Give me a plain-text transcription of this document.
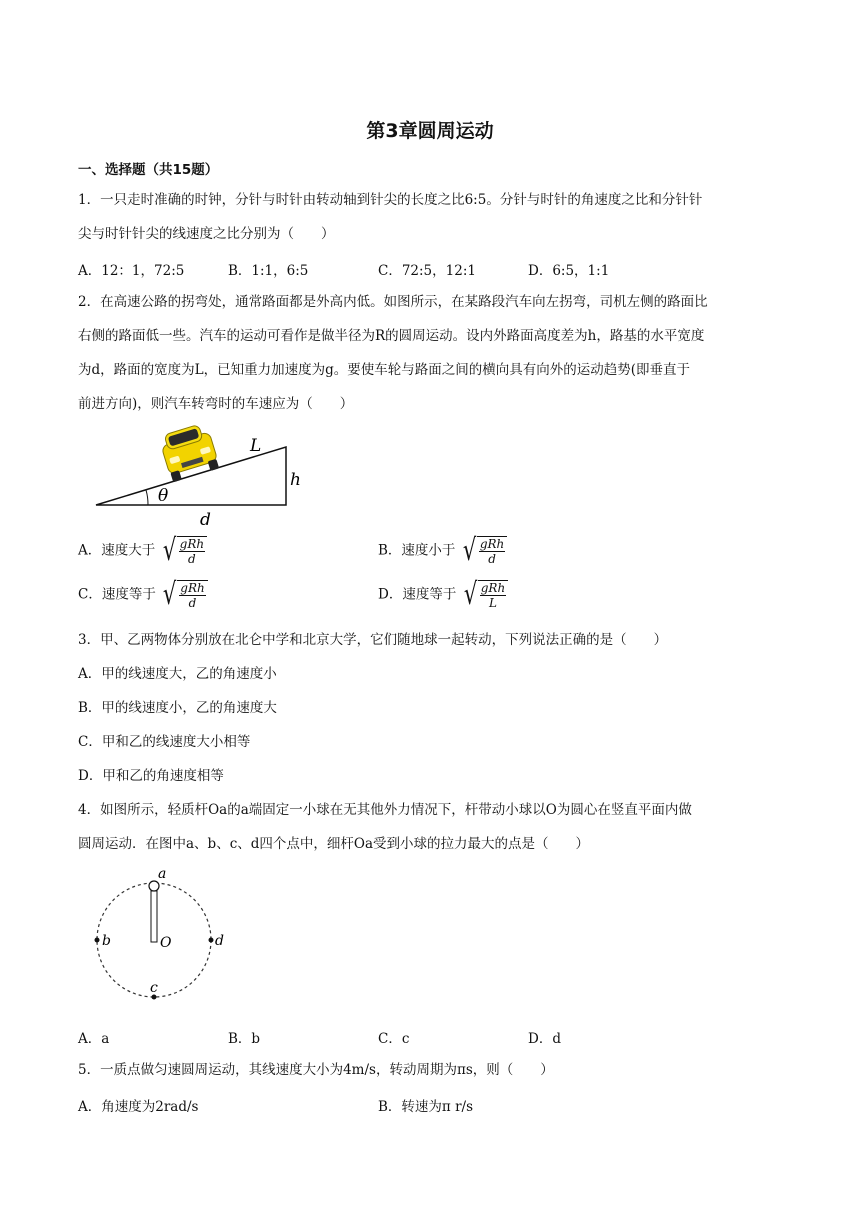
第3章圆周运动
一、选择题（共15题）
1．一只走时准确的时钟，分针与时针由转动轴到针尖的长度之比6:5。分针与时针的角速度之比和分针针
尖与时针针尖的线速度之比分别为（　　）
A．12：1，72:5	B．1:1，6:5	C．72:5，12:1	D．6:5，1:1
2．在高速公路的拐弯处，通常路面都是外高内低。如图所示，在某路段汽车向左拐弯，司机左侧的路面比
右侧的路面低一些。汽车的运动可看作是做半径为R的圆周运动。设内外路面高度差为h，路基的水平宽度
为d，路面的宽度为L，已知重力加速度为g。要使车轮与路面之间的横向具有向外的运动趋势(即垂直于
前进方向)，则汽车转弯时的车速应为（　　）
L
h
θ
d
A．速度大于 √ gRh
d
B．速度小于 √ gRh
d
C．速度等于 √ gRh
d
D．速度等于 √ gRh
L
3．甲、乙两物体分别放在北仑中学和北京大学，它们随地球一起转动，下列说法正确的是（　　）
A．甲的线速度大，乙的角速度小
B．甲的线速度小，乙的角速度大
C．甲和乙的线速度大小相等
D．甲和乙的角速度相等
4．如图所示，轻质杆Oa的a端固定一小球在无其他外力情况下，杆带动小球以O为圆心在竖直平面内做
圆周运动．在图中a、b、c、d四个点中，细杆Oa受到小球的拉力最大的点是（　　）
a
b	d
c
O
A．a	B．b	C．c	D．d
5．一质点做匀速圆周运动，其线速度大小为4m/s，转动周期为πs，则（　　）
A．角速度为2rad/s	B．转速为π r/s
